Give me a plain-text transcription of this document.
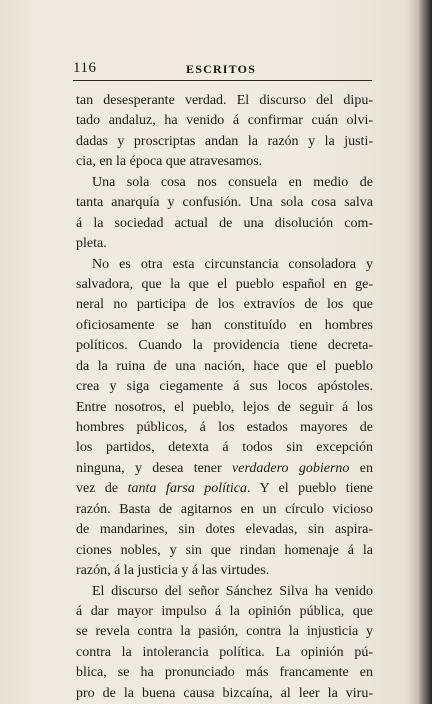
116	ESCRITOS
tan desesperante verdad. El discurso del dipu-
tado andaluz, ha venido á confirmar cuán olvi-
dadas y proscriptas andan la razón y la justi-
cia, en la época que atravesamos.
Una sola cosa nos consuela en medio de
tanta anarquía y confusión. Una sola cosa salva
á la sociedad actual de una disolución com-
pleta.
No es otra esta circunstancia consoladora y
salvadora, que la que el pueblo español en ge-
neral no participa de los extravíos de los que
oficiosamente se han constituído en hombres
políticos. Cuando la providencia tiene decreta-
da la ruina de una nación, hace que el pueblo
crea y siga ciegamente á sus locos apóstoles.
Entre nosotros, el pueblo, lejos de seguir á los
hombres públicos, á los estados mayores de
los partidos, detexta á todos sin excepción
ninguna, y desea tener verdadero gobierno en
vez de tanta farsa política. Y el pueblo tiene
razón. Basta de agitarnos en un círculo vicioso
de mandarines, sin dotes elevadas, sin aspira-
ciones nobles, y sin que rindan homenaje á la
razón, á la justicia y á las virtudes.
El discurso del señor Sánchez Silva ha venido
á dar mayor impulso á la opinión pública, que
se revela contra la pasión, contra la injusticia y
contra la intolerancia política. La opinión pú-
blica, se ha pronunciado más francamente en
pro de la buena causa bizcaína, al leer la viru-
